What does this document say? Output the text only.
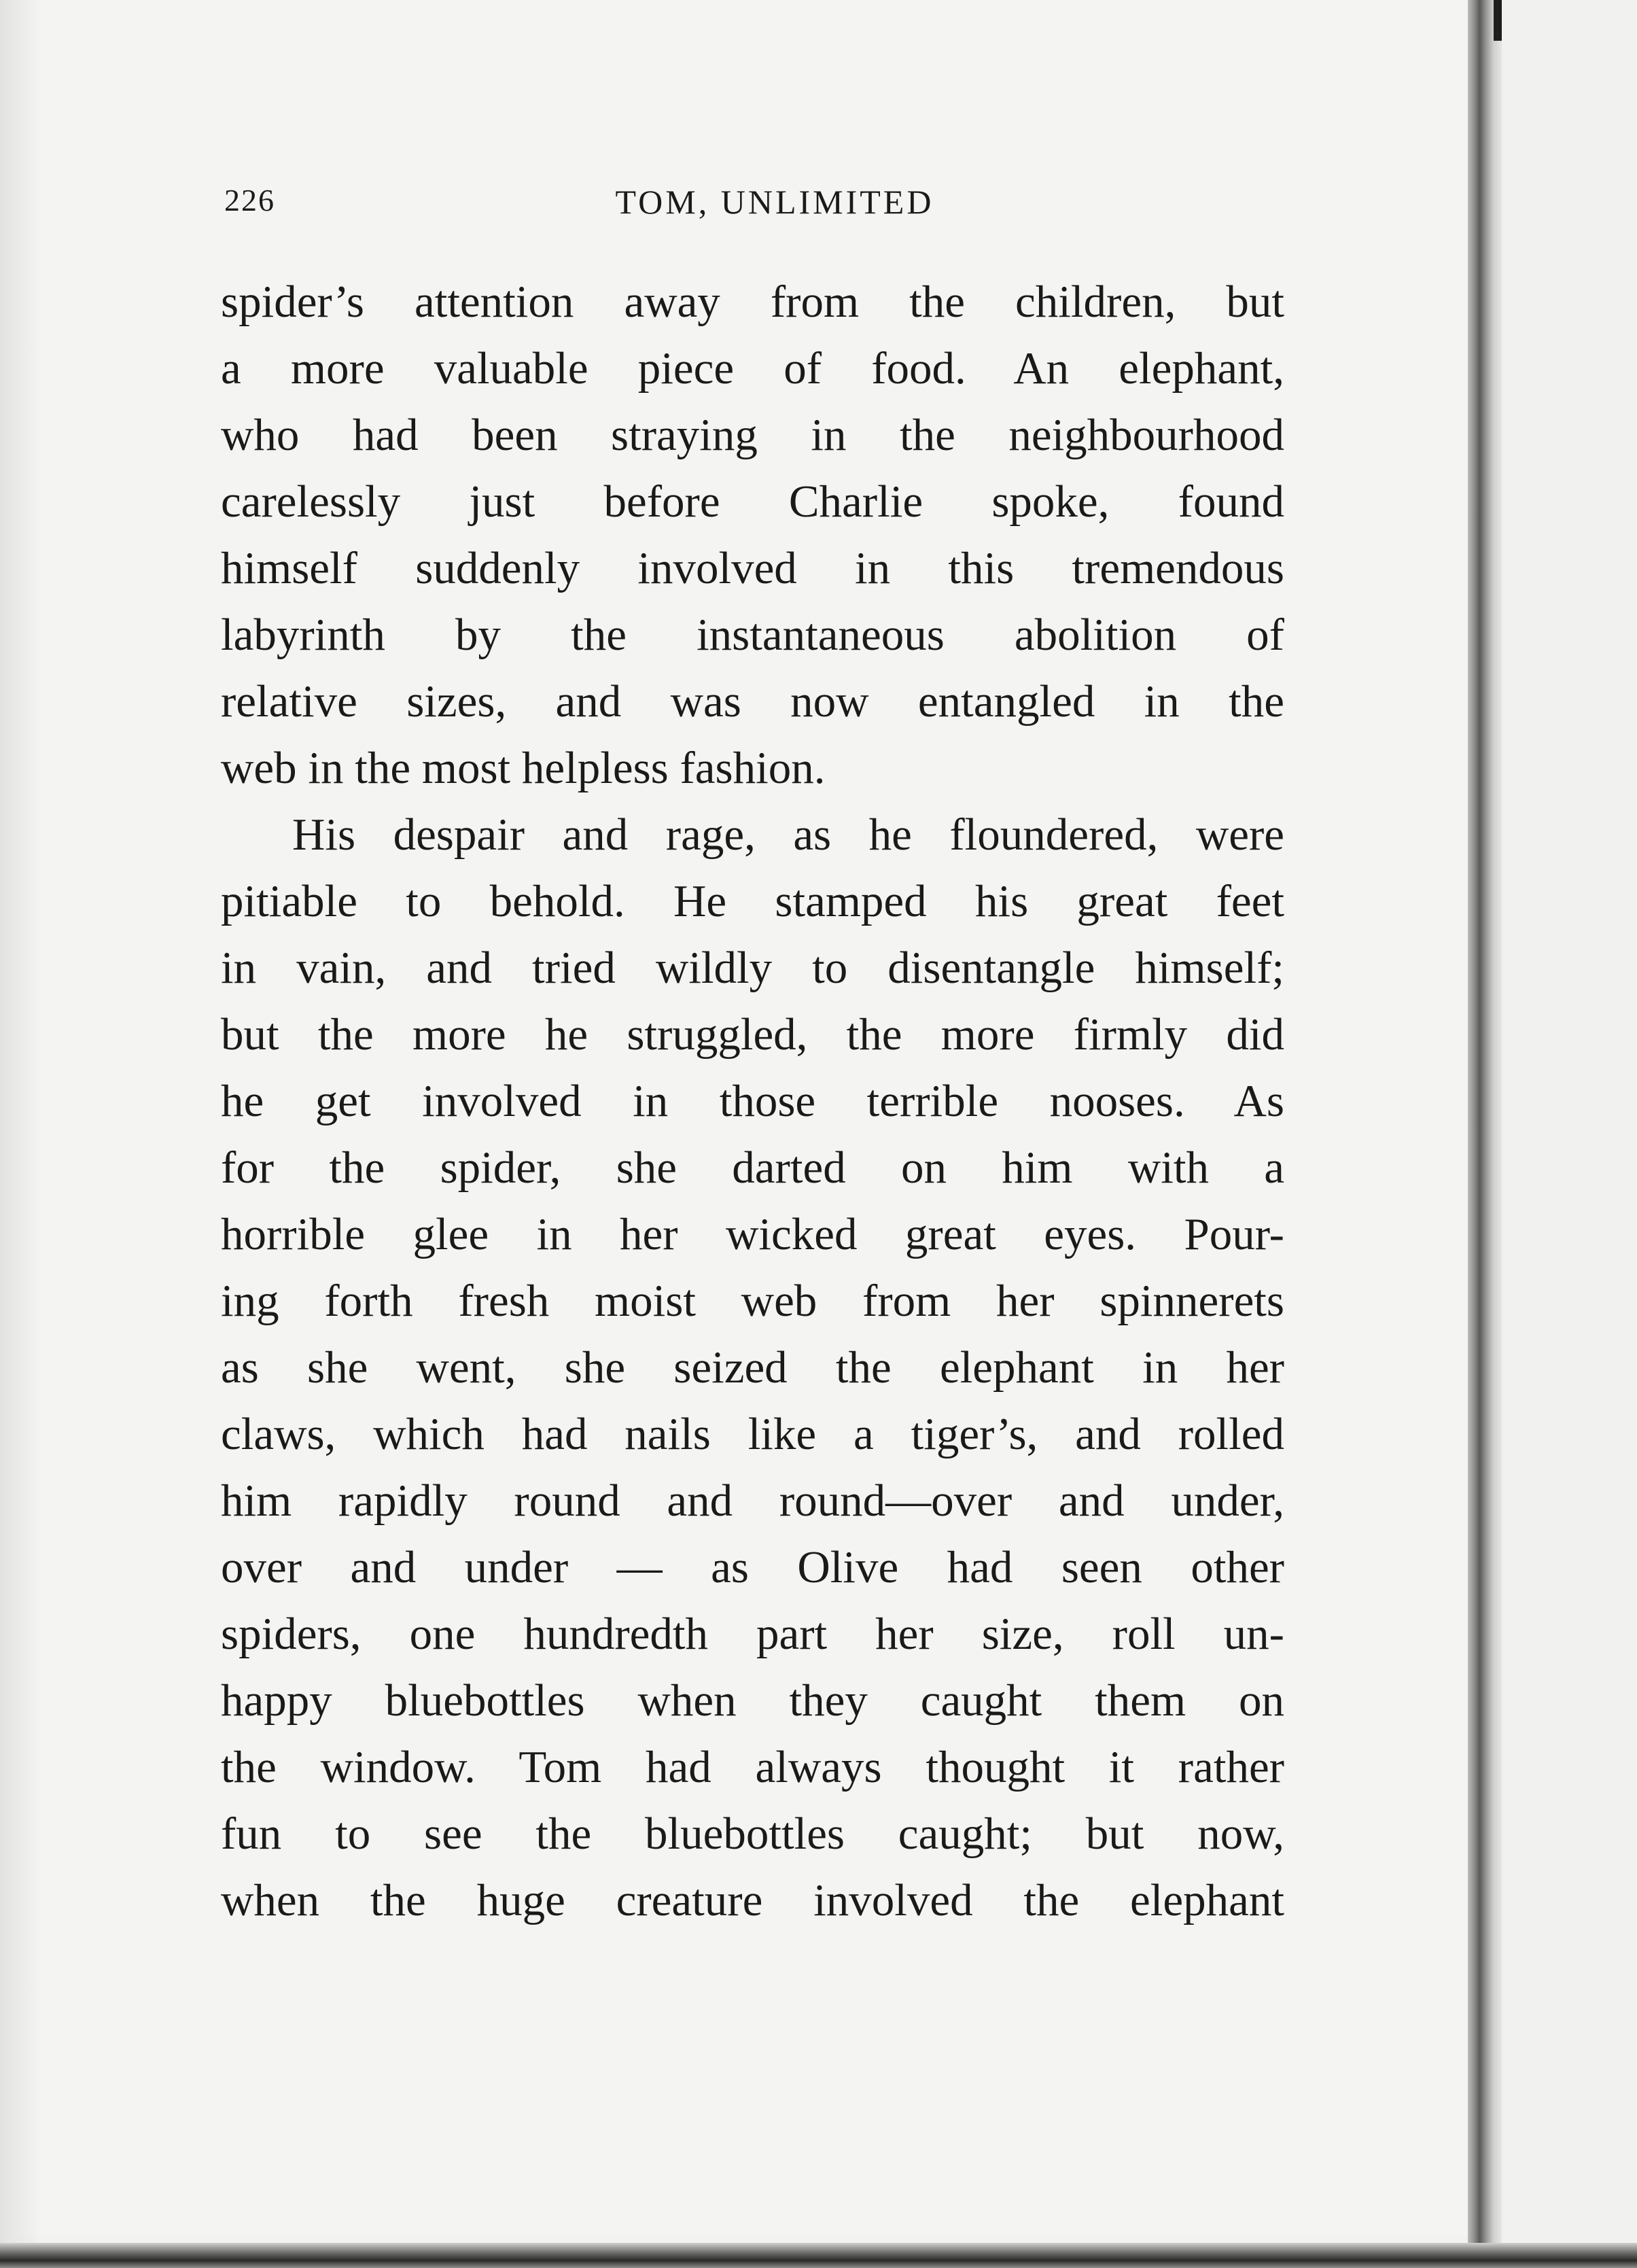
226	TOM, UNLIMITED
spider’s attention away from the children, but
a more valuable piece of food. An elephant,
who had been straying in the neighbourhood
carelessly just before Charlie spoke, found
himself suddenly involved in this tremendous
labyrinth by the instantaneous abolition of
relative sizes, and was now entangled in the
web in the most helpless fashion.
His despair and rage, as he floundered, were
pitiable to behold. He stamped his great feet
in vain, and tried wildly to disentangle himself;
but the more he struggled, the more firmly did
he get involved in those terrible nooses. As
for the spider, she darted on him with a
horrible glee in her wicked great eyes. Pour-
ing forth fresh moist web from her spinnerets
as she went, she seized the elephant in her
claws, which had nails like a tiger’s, and rolled
him rapidly round and round—over and under,
over and under — as Olive had seen other
spiders, one hundredth part her size, roll un-
happy bluebottles when they caught them on
the window. Tom had always thought it rather
fun to see the bluebottles caught; but now,
when the huge creature involved the elephant
